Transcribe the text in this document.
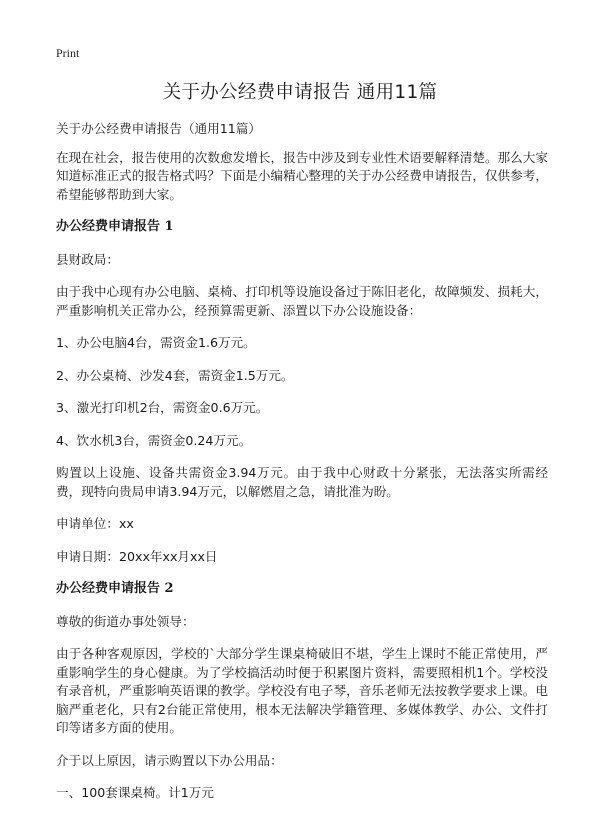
Print
关于办公经费申请报告 通用11篇

关于办公经费申请报告（通用11篇）

在现在社会，报告使用的次数愈发增长，报告中涉及到专业性术语要解释清楚。那么大家知道标准正式的报告格式吗？下面是小编精心整理的关于办公经费申请报告，仅供参考，希望能够帮助到大家。

办公经费申请报告 1

县财政局：

由于我中心现有办公电脑、桌椅、打印机等设施设备过于陈旧老化，故障频发、损耗大，严重影响机关正常办公，经预算需更新、添置以下办公设施设备：

1、办公电脑4台，需资金1.6万元。

2、办公桌椅、沙发4套，需资金1.5万元。

3、激光打印机2台，需资金0.6万元。

4、饮水机3台，需资金0.24万元。

购置以上设施、设备共需资金3.94万元。由于我中心财政十分紧张，无法落实所需经费，现特向贵局申请3.94万元，以解燃眉之急，请批准为盼。

申请单位：xx

申请日期：20xx年xx月xx日

办公经费申请报告 2

尊敬的街道办事处领导：

由于各种客观原因，学校的`大部分学生课桌椅破旧不堪，学生上课时不能正常使用，严重影响学生的身心健康。为了学校搞活动时便于积累图片资料，需要照相机1个。学校没有录音机，严重影响英语课的教学。学校没有电子琴，音乐老师无法按教学要求上课。电脑严重老化，只有2台能正常使用，根本无法解决学籍管理、多媒体教学、办公、文件打印等诸多方面的使用。

介于以上原因，请示购置以下办公用品：

一、100套课桌椅。计1万元
